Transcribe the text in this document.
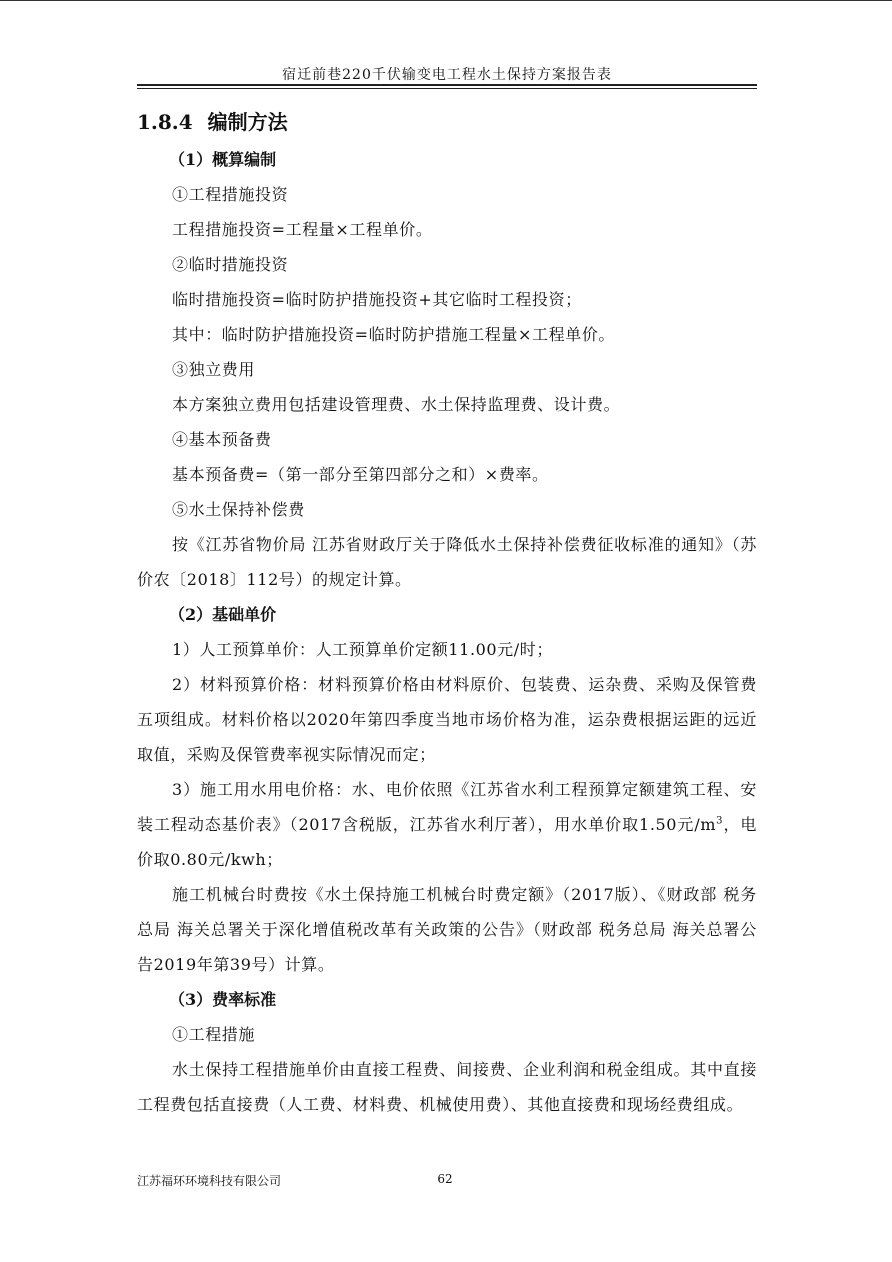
宿迁前巷220千伏输变电工程水土保持方案报告表
1.8.4 编制方法
（1）概算编制
①工程措施投资
工程措施投资=工程量×工程单价。
②临时措施投资
临时措施投资=临时防护措施投资+其它临时工程投资；
其中：临时防护措施投资=临时防护措施工程量×工程单价。
③独立费用
本方案独立费用包括建设管理费、水土保持监理费、设计费。
④基本预备费
基本预备费=（第一部分至第四部分之和）×费率。
⑤水土保持补偿费
按《江苏省物价局 江苏省财政厅关于降低水土保持补偿费征收标准的通知》（苏价农〔2018〕112号）的规定计算。
（2）基础单价
1）人工预算单价：人工预算单价定额11.00元/时；
2）材料预算价格：材料预算价格由材料原价、包装费、运杂费、采购及保管费五项组成。材料价格以2020年第四季度当地市场价格为准，运杂费根据运距的远近取值，采购及保管费率视实际情况而定；
3）施工用水用电价格：水、电价依照《江苏省水利工程预算定额建筑工程、安装工程动态基价表》（2017含税版，江苏省水利厅著），用水单价取1.50元$/m^3$，电价取0.80元/kwh；
施工机械台时费按《水土保持施工机械台时费定额》（2017版）、《财政部 税务总局 海关总署关于深化增值税改革有关政策的公告》（财政部 税务总局 海关总署公告2019年第39号）计算。
（3）费率标准
①工程措施
水土保持工程措施单价由直接工程费、间接费、企业利润和税金组成。其中直接工程费包括直接费（人工费、材料费、机械使用费）、其他直接费和现场经费组成。
江苏福环环境科技有限公司	62
